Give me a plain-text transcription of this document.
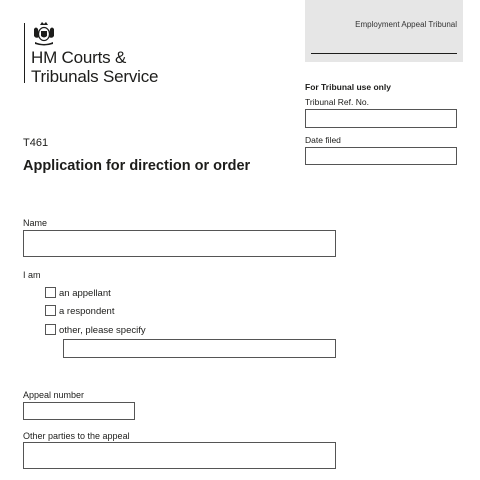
HM Courts &
Tribunals Service
Employment Appeal Tribunal
For Tribunal use only
Tribunal Ref. No.
Date filed
T461
Application for direction or order
Name
I am
an appellant
a respondent
other, please specify
Appeal number
Other parties to the appeal
